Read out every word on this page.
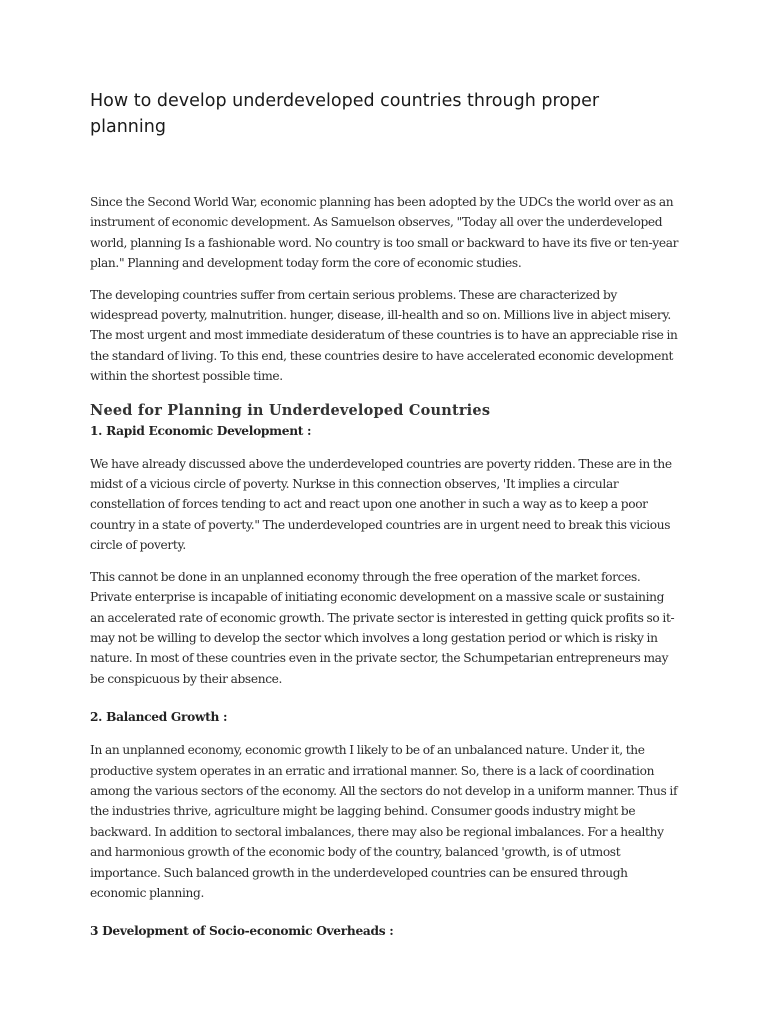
How to develop underdeveloped countries through proper planning

Since the Second World War, economic planning has been adopted by the UDCs the world over as an instrument of economic development. As Samuelson observes, "Today all over the underdeveloped world, planning Is a fashionable word. No country is too small or backward to have its five or ten-year plan." Planning and development today form the core of economic studies.

The developing countries suffer from certain serious problems. These are characterized by widespread poverty, malnutrition. hunger, disease, ill-health and so on. Millions live in abject misery. The most urgent and most immediate desideratum of these countries is to have an appreciable rise in the standard of living. To this end, these countries desire to have accelerated economic development within the shortest possible time.

Need for Planning in Underdeveloped Countries
1. Rapid Economic Development :

We have already discussed above the underdeveloped countries are poverty ridden. These are in the midst of a vicious circle of poverty. Nurkse in this connection observes, 'It implies a circular constellation of forces tending to act and react upon one another in such a way as to keep a poor country in a state of poverty." The underdeveloped countries are in urgent need to break this vicious circle of poverty.

This cannot be done in an unplanned economy through the free operation of the market forces. Private enterprise is incapable of initiating economic development on a massive scale or sustaining an accelerated rate of economic growth. The private sector is interested in getting quick profits so it-may not be willing to develop the sector which involves a long gestation period or which is risky in nature. In most of these countries even in the private sector, the Schumpetarian entrepreneurs may be conspicuous by their absence.

2. Balanced Growth :

In an unplanned economy, economic growth I likely to be of an unbalanced nature. Under it, the productive system operates in an erratic and irrational manner. So, there is a lack of coordination among the various sectors of the economy. All the sectors do not develop in a uniform manner. Thus if the industries thrive, agriculture might be lagging behind. Consumer goods industry might be backward. In addition to sectoral imbalances, there may also be regional imbalances. For a healthy and harmonious growth of the economic body of the country, balanced 'growth, is of utmost importance. Such balanced growth in the underdeveloped countries can be ensured through economic planning.

3 Development of Socio-economic Overheads :
